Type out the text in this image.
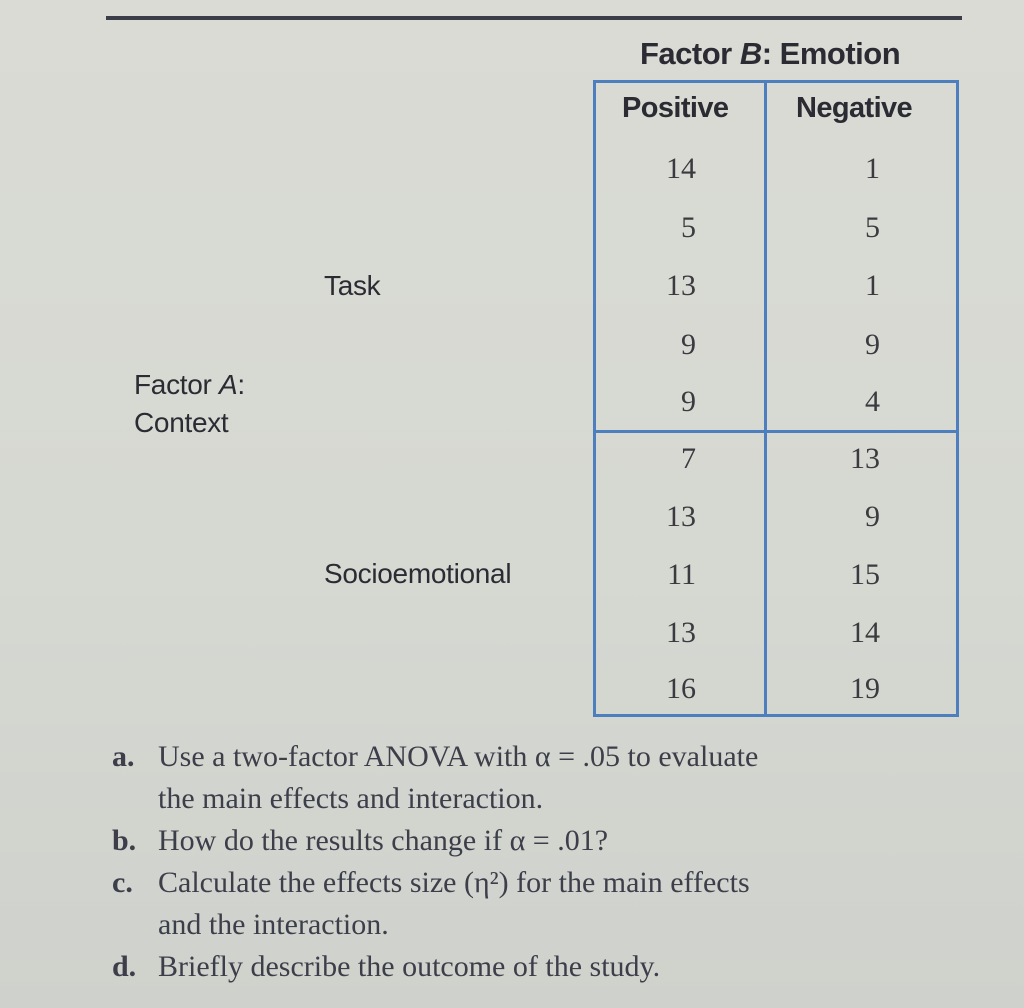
Factor B: Emotion
Positive Negative
Factor A:
Context
Task
Socioemotional
14
5
13
9
9
1
5
1
9
4
7
13
11
13
16
13
9
15
14
19
a. Use a two-factor ANOVA with α = .05 to evaluate
the main effects and interaction.
b. How do the results change if α = .01?
c. Calculate the effects size (η²) for the main effects
and the interaction.
d. Briefly describe the outcome of the study.
